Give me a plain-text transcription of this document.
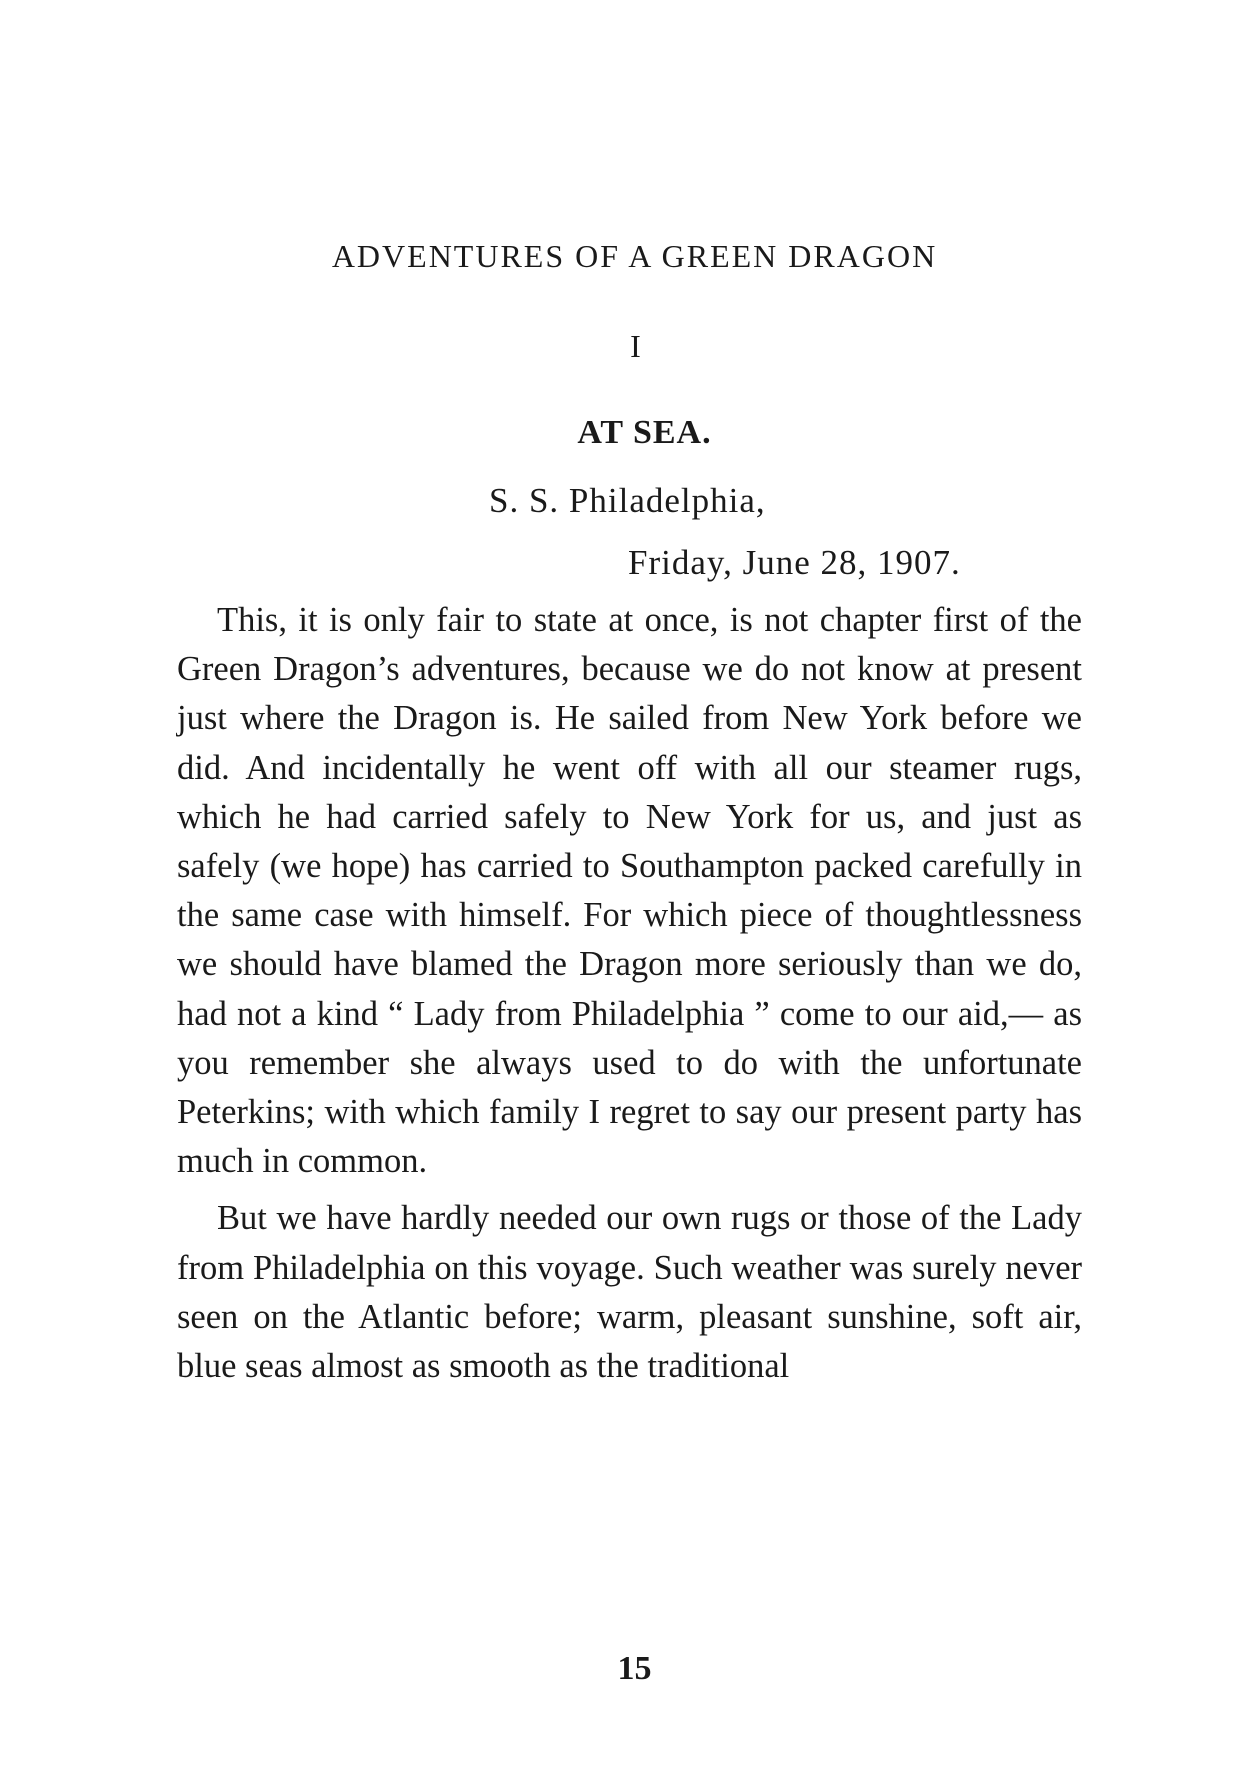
ADVENTURES OF A GREEN DRAGON
I
AT SEA.
S. S. Philadelphia,
Friday, June 28, 1907.

This, it is only fair to state at once, is not chapter first of the Green Dragon’s adventures, because we do not know at present just where the Dragon is. He sailed from New York before we did. And incidentally he went off with all our steamer rugs, which he had carried safely to New York for us, and just as safely (we hope) has carried to Southampton packed carefully in the same case with himself. For which piece of thoughtlessness we should have blamed the Dragon more seriously than we do, had not a kind “ Lady from Philadelphia ” come to our aid,— as you remember she always used to do with the unfortunate Peterkins; with which family I regret to say our present party has much in common.

But we have hardly needed our own rugs or those of the Lady from Philadelphia on this voyage. Such weather was surely never seen on the Atlantic before; warm, pleasant sunshine, soft air, blue seas almost as smooth as the traditional

15
